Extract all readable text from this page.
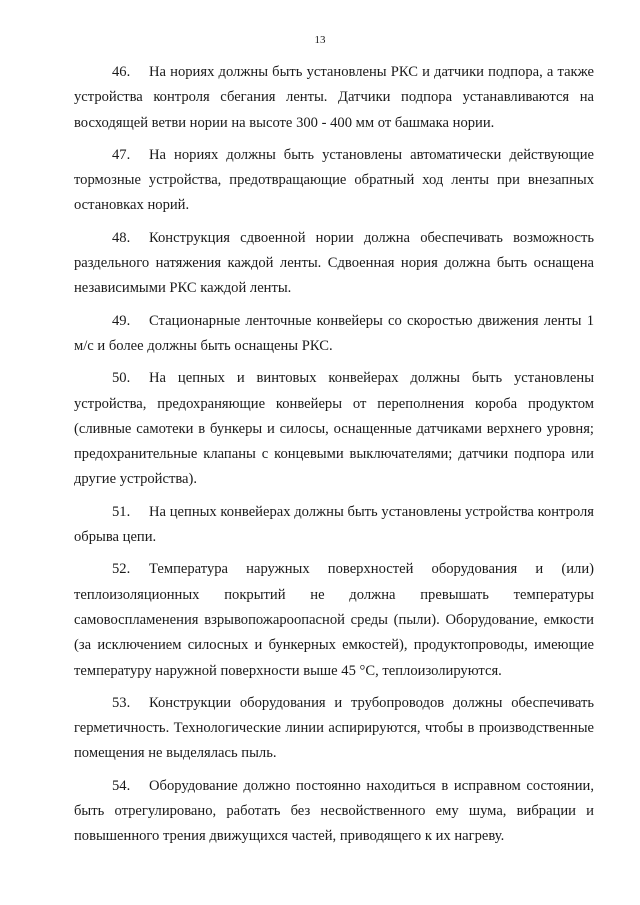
13

46. На нориях должны быть установлены РКС и датчики подпора, а также устройства контроля сбегания ленты. Датчики подпора устанавливаются на восходящей ветви нории на высоте 300 - 400 мм от башмака нории.

47. На нориях должны быть установлены автоматически действующие тормозные устройства, предотвращающие обратный ход ленты при внезапных остановках норий.

48. Конструкция сдвоенной нории должна обеспечивать возможность раздельного натяжения каждой ленты. Сдвоенная нория должна быть оснащена независимыми РКС каждой ленты.

49. Стационарные ленточные конвейеры со скоростью движения ленты 1 м/с и более должны быть оснащены РКС.

50. На цепных и винтовых конвейерах должны быть установлены устройства, предохраняющие конвейеры от переполнения короба продуктом (сливные самотеки в бункеры и силосы, оснащенные датчиками верхнего уровня; предохранительные клапаны с концевыми выключателями; датчики подпора или другие устройства).

51. На цепных конвейерах должны быть установлены устройства контроля обрыва цепи.

52. Температура наружных поверхностей оборудования и (или) теплоизоляционных покрытий не должна превышать температуры самовоспламенения взрывопожароопасной среды (пыли). Оборудование, емкости (за исключением силосных и бункерных емкостей), продуктопроводы, имеющие температуру наружной поверхности выше 45 °С, теплоизолируются.

53. Конструкции оборудования и трубопроводов должны обеспечивать герметичность. Технологические линии аспирируются, чтобы в производственные помещения не выделялась пыль.

54. Оборудование должно постоянно находиться в исправном состоянии, быть отрегулировано, работать без несвойственного ему шума, вибрации и повышенного трения движущихся частей, приводящего к их нагреву.
